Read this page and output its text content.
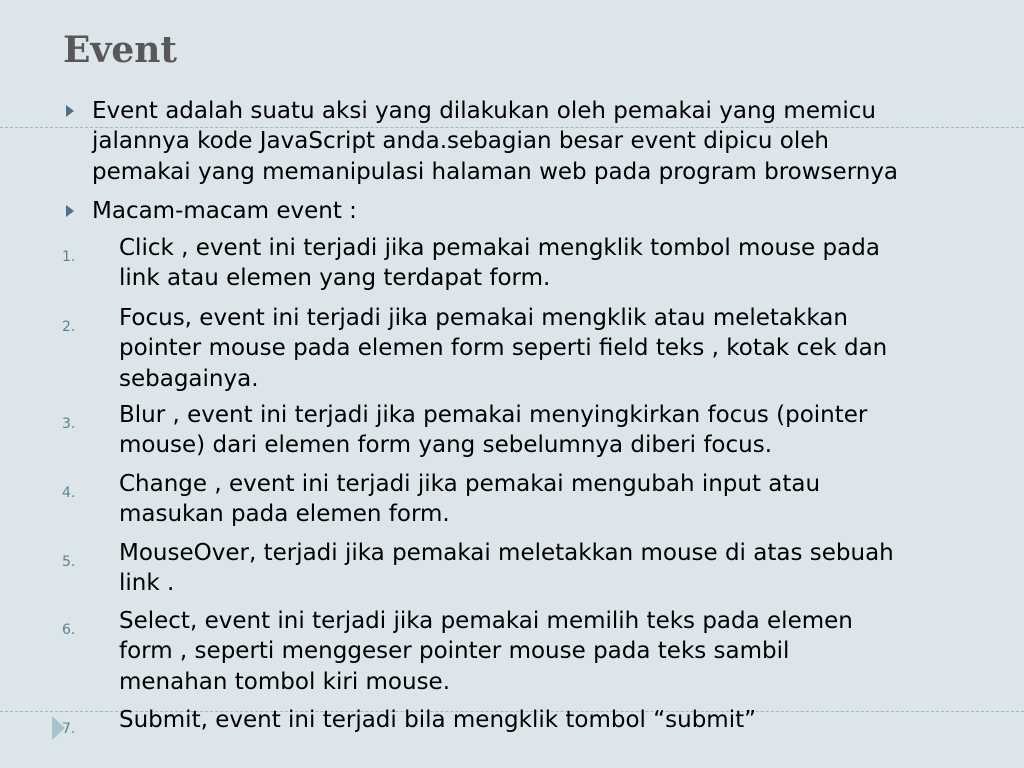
Event
Event adalah suatu aksi yang dilakukan oleh pemakai yang memicu
jalannya kode JavaScript anda.sebagian besar event dipicu oleh
pemakai yang memanipulasi halaman web pada program browsernya
Macam-macam event :
1.	Click , event ini terjadi jika pemakai mengklik tombol mouse pada
link atau elemen yang terdapat form.
2.	Focus, event ini terjadi jika pemakai mengklik atau meletakkan
pointer mouse pada elemen form seperti field teks , kotak cek dan
sebagainya.
3.	Blur , event ini terjadi jika pemakai menyingkirkan focus (pointer
mouse) dari elemen form yang sebelumnya diberi focus.
4.	Change , event ini terjadi jika pemakai mengubah input atau
masukan pada elemen form.
5.	MouseOver, terjadi jika pemakai meletakkan mouse di atas sebuah
link .
6.	Select, event ini terjadi jika pemakai memilih teks pada elemen
form , seperti menggeser pointer mouse pada teks sambil
menahan tombol kiri mouse.
7.	Submit, event ini terjadi bila mengklik tombol “submit”
